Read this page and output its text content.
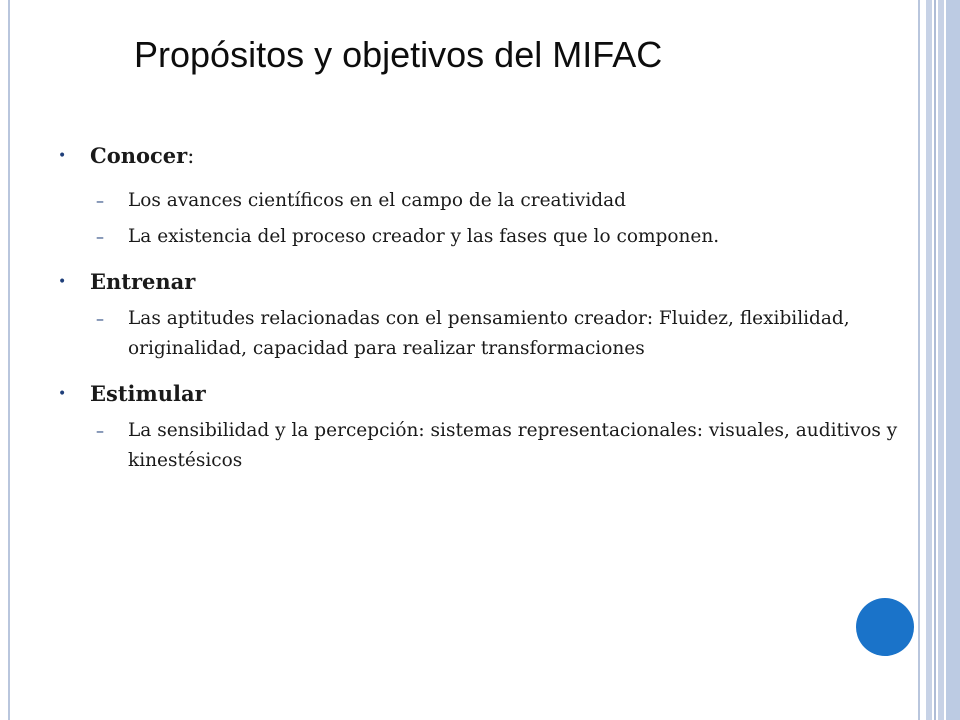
Propósitos y objetivos del MIFAC
• Conocer:
– Los avances científicos en el campo de la creatividad
– La existencia del proceso creador y las fases que lo componen.
• Entrenar
– Las aptitudes relacionadas con el pensamiento creador: Fluidez, flexibilidad, originalidad, capacidad para realizar transformaciones
• Estimular
– La sensibilidad y la percepción: sistemas representacionales: visuales, auditivos y kinestésicos
